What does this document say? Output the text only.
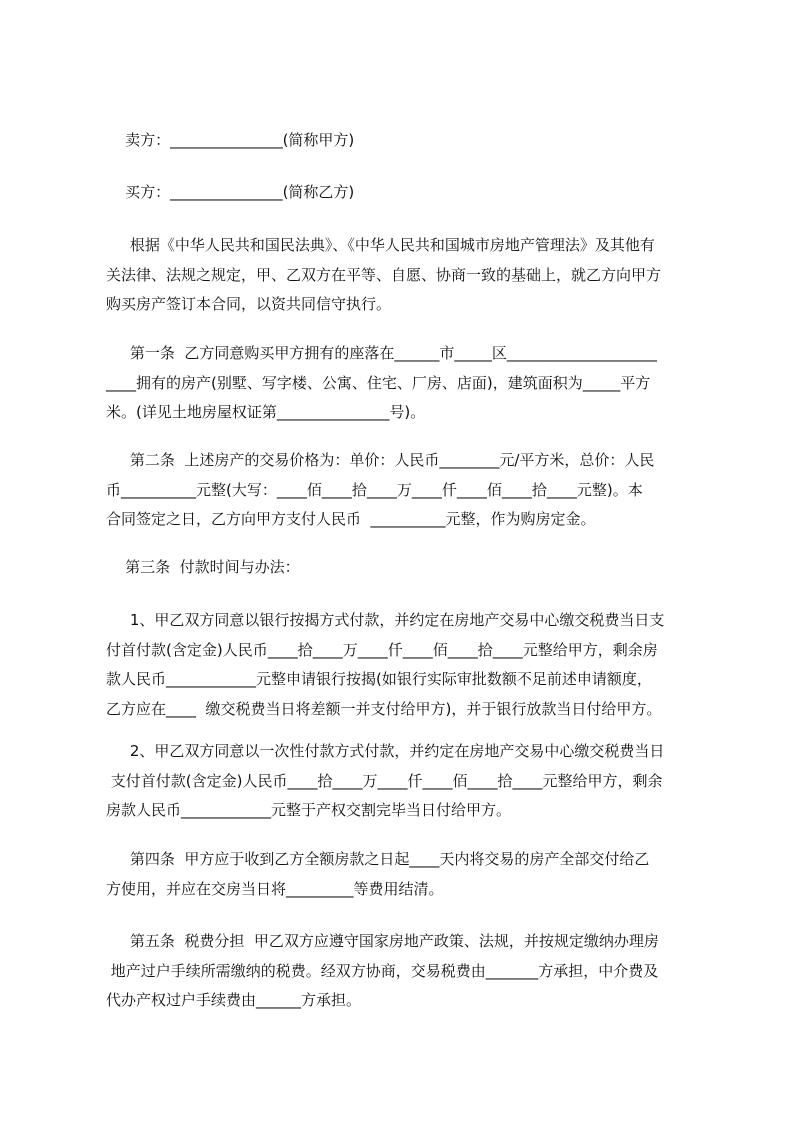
卖方：_______________(简称甲方)
买方：_______________(简称乙方)
根据《中华人民共和国民法典》、《中华人民共和国城市房地产管理法》及其他有
关法律、法规之规定，甲、乙双方在平等、自愿、协商一致的基础上，就乙方向甲方
购买房产签订本合同，以资共同信守执行。
第一条  乙方同意购买甲方拥有的座落在______市_____区____________________
____拥有的房产(别墅、写字楼、公寓、住宅、厂房、店面)，建筑面积为_____平方
米。(详见土地房屋权证第_______________号)。
第二条  上述房产的交易价格为：单价：人民币________元/平方米，总价：人民
币__________元整(大写：____佰____拾____万____仟____佰____拾____元整)。本
合同签定之日，乙方向甲方支付人民币  __________元整，作为购房定金。
第三条  付款时间与办法：
1、甲乙双方同意以银行按揭方式付款，并约定在房地产交易中心缴交税费当日支
付首付款(含定金)人民币____拾____万____仟____佰____拾____元整给甲方，剩余房
款人民币____________元整申请银行按揭(如银行实际审批数额不足前述申请额度，
乙方应在____  缴交税费当日将差额一并支付给甲方)，并于银行放款当日付给甲方。
2、甲乙双方同意以一次性付款方式付款，并约定在房地产交易中心缴交税费当日
支付首付款(含定金)人民币____拾____万____仟____佰____拾____元整给甲方，剩余
房款人民币____________元整于产权交割完毕当日付给甲方。
第四条  甲方应于收到乙方全额房款之日起____天内将交易的房产全部交付给乙
方使用，并应在交房当日将_________等费用结清。
第五条  税费分担  甲乙双方应遵守国家房地产政策、法规，并按规定缴纳办理房
地产过户手续所需缴纳的税费。经双方协商，交易税费由_______方承担，中介费及
代办产权过户手续费由______方承担。
